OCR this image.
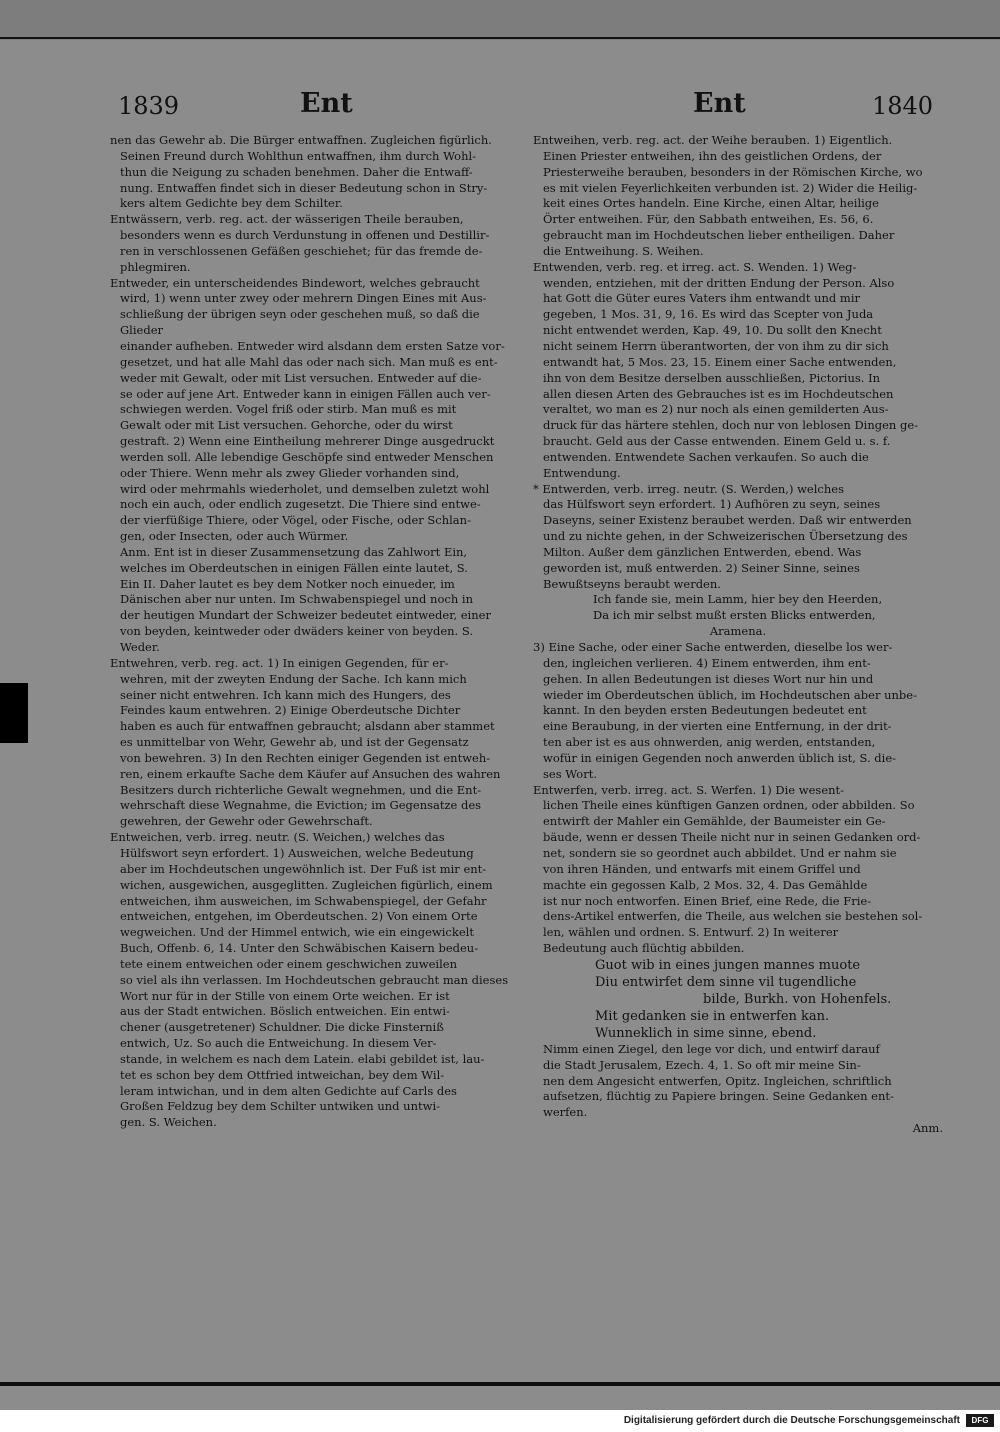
1839	Ent	Ent	1840

nen das Gewehr ab. Die Bürger entwaffnen. Zugleichen figürlich.

Seinen Freund durch Wohlthun entwaffnen, ihm durch Wohl-

thun die Neigung zu schaden benehmen. Daher die Entwaff-

nung. Entwaffen findet sich in dieser Bedeutung schon in Stry-

kers altem Gedichte bey dem Schilter.

Entwässern, verb. reg. act. der wässerigen Theile berauben,

besonders wenn es durch Verdunstung in offenen und Destillir-

ren in verschlossenen Gefäßen geschiehet; für das fremde de-

phlegmiren.

Entweder, ein unterscheidendes Bindewort, welches gebraucht

wird, 1) wenn unter zwey oder mehrern Dingen Eines mit Aus-

schließung der übrigen seyn oder geschehen muß, so daß die Glieder

einander aufheben. Entweder wird alsdann dem ersten Satze vor-

gesetzet, und hat alle Mahl das oder nach sich. Man muß es ent-

weder mit Gewalt, oder mit List versuchen. Entweder auf die-

se oder auf jene Art. Entweder kann in einigen Fällen auch ver-

schwiegen werden. Vogel friß oder stirb. Man muß es mit

Gewalt oder mit List versuchen. Gehorche, oder du wirst

gestraft. 2) Wenn eine Eintheilung mehrerer Dinge ausgedruckt

werden soll. Alle lebendige Geschöpfe sind entweder Menschen

oder Thiere. Wenn mehr als zwey Glieder vorhanden sind,

wird oder mehrmahls wiederholet, und demselben zuletzt wohl

noch ein auch, oder endlich zugesetzt. Die Thiere sind entwe-

der vierfüßige Thiere, oder Vögel, oder Fische, oder Schlan-

gen, oder Insecten, oder auch Würmer.

Anm. Ent ist in dieser Zusammensetzung das Zahlwort Ein,

welches im Oberdeutschen in einigen Fällen einte lautet, S.

Ein II. Daher lautet es bey dem Notker noch einueder, im

Dänischen aber nur unten. Im Schwabenspiegel und noch in

der heutigen Mundart der Schweizer bedeutet eintweder, einer

von beyden, keintweder oder dwäders keiner von beyden. S.

Weder.

Entwehren, verb. reg. act. 1) In einigen Gegenden, für er-

wehren, mit der zweyten Endung der Sache. Ich kann mich

seiner nicht entwehren. Ich kann mich des Hungers, des

Feindes kaum entwehren. 2) Einige Oberdeutsche Dichter

haben es auch für entwaffnen gebraucht; alsdann aber stammet

es unmittelbar von Wehr, Gewehr ab, und ist der Gegensatz

von bewehren. 3) In den Rechten einiger Gegenden ist entweh-

ren, einem erkaufte Sache dem Käufer auf Ansuchen des wahren

Besitzers durch richterliche Gewalt wegnehmen, und die Ent-

wehrschaft diese Wegnahme, die Eviction; im Gegensatze des

gewehren, der Gewehr oder Gewehrschaft.

Entweichen, verb. irreg. neutr. (S. Weichen,) welches das

Hülfswort seyn erfordert. 1) Ausweichen, welche Bedeutung

aber im Hochdeutschen ungewöhnlich ist. Der Fuß ist mir ent-

wichen, ausgewichen, ausgeglitten. Zugleichen figürlich, einem

entweichen, ihm ausweichen, im Schwabenspiegel, der Gefahr

entweichen, entgehen, im Oberdeutschen. 2) Von einem Orte

wegweichen. Und der Himmel entwich, wie ein eingewickelt

Buch, Offenb. 6, 14. Unter den Schwäbischen Kaisern bedeu-

tete einem entweichen oder einem geschwichen zuweilen

so viel als ihn verlassen. Im Hochdeutschen gebraucht man dieses

Wort nur für in der Stille von einem Orte weichen. Er ist

aus der Stadt entwichen. Böslich entweichen. Ein entwi-

chener (ausgetretener) Schuldner. Die dicke Finsterniß

entwich, Uz. So auch die Entweichung. In diesem Ver-

stande, in welchem es nach dem Latein. elabi gebildet ist, lau-

tet es schon bey dem Ottfried intweichan, bey dem Wil-

leram intwichan, und in dem alten Gedichte auf Carls des

Großen Feldzug bey dem Schilter untwiken und untwi-

gen. S. Weichen.

Entweihen, verb. reg. act. der Weihe berauben. 1) Eigentlich.

Einen Priester entweihen, ihn des geistlichen Ordens, der

Priesterweihe berauben, besonders in der Römischen Kirche, wo

es mit vielen Feyerlichkeiten verbunden ist. 2) Wider die Heilig-

keit eines Ortes handeln. Eine Kirche, einen Altar, heilige

Örter entweihen. Für, den Sabbath entweihen, Es. 56, 6.

gebraucht man im Hochdeutschen lieber entheiligen. Daher

die Entweihung. S. Weihen.

Entwenden, verb. reg. et irreg. act. S. Wenden. 1) Weg-

wenden, entziehen, mit der dritten Endung der Person. Also

hat Gott die Güter eures Vaters ihm entwandt und mir

gegeben, 1 Mos. 31, 9, 16. Es wird das Scepter von Juda

nicht entwendet werden, Kap. 49, 10. Du sollt den Knecht

nicht seinem Herrn überantworten, der von ihm zu dir sich

entwandt hat, 5 Mos. 23, 15. Einem einer Sache entwenden,

ihn von dem Besitze derselben ausschließen, Pictorius. In

allen diesen Arten des Gebrauches ist es im Hochdeutschen

veraltet, wo man es 2) nur noch als einen gemilderten Aus-

druck für das härtere stehlen, doch nur von leblosen Dingen ge-

braucht. Geld aus der Casse entwenden. Einem Geld u. s. f.

entwenden. Entwendete Sachen verkaufen. So auch die

Entwendung.

* Entwerden, verb. irreg. neutr. (S. Werden,) welches

das Hülfswort seyn erfordert. 1) Aufhören zu seyn, seines

Daseyns, seiner Existenz beraubet werden. Daß wir entwerden

und zu nichte gehen, in der Schweizerischen Übersetzung des

Milton. Außer dem gänzlichen Entwerden, ebend. Was

geworden ist, muß entwerden. 2) Seiner Sinne, seines

Bewußtseyns beraubt werden.

Ich fande sie, mein Lamm, hier bey den Heerden,

Da ich mir selbst mußt ersten Blicks entwerden,

Aramena.

3) Eine Sache, oder einer Sache entwerden, dieselbe los wer-

den, ingleichen verlieren. 4) Einem entwerden, ihm ent-

gehen. In allen Bedeutungen ist dieses Wort nur hin und

wieder im Oberdeutschen üblich, im Hochdeutschen aber unbe-

kannt. In den beyden ersten Bedeutungen bedeutet ent

eine Beraubung, in der vierten eine Entfernung, in der drit-

ten aber ist es aus ohnwerden, anig werden, entstanden,

wofür in einigen Gegenden noch anwerden üblich ist, S. die-

ses Wort.

Entwerfen, verb. irreg. act. S. Werfen. 1) Die wesent-

lichen Theile eines künftigen Ganzen ordnen, oder abbilden. So

entwirft der Mahler ein Gemählde, der Baumeister ein Ge-

bäude, wenn er dessen Theile nicht nur in seinen Gedanken ord-

net, sondern sie so geordnet auch abbildet. Und er nahm sie

von ihren Händen, und entwarfs mit einem Griffel und

machte ein gegossen Kalb, 2 Mos. 32, 4. Das Gemählde

ist nur noch entworfen. Einen Brief, eine Rede, die Frie-

dens-Artikel entwerfen, die Theile, aus welchen sie bestehen sol-

len, wählen und ordnen. S. Entwurf. 2) In weiterer

Bedeutung auch flüchtig abbilden.

Guot wib in eines jungen mannes muote

Diu entwirfet dem sinne vil tugendliche

bilde, Burkh. von Hohenfels.

Mit gedanken sie in entwerfen kan.

Wunneklich in sime sinne, ebend.

Nimm einen Ziegel, den lege vor dich, und entwirf darauf

die Stadt Jerusalem, Ezech. 4, 1. So oft mir meine Sin-

nen dem Angesicht entwerfen, Opitz. Ingleichen, schriftlich

aufsetzen, flüchtig zu Papiere bringen. Seine Gedanken ent-

werfen.

Anm.

Digitalisierung gefördert durch die Deutsche Forschungsgemeinschaft	DFG
